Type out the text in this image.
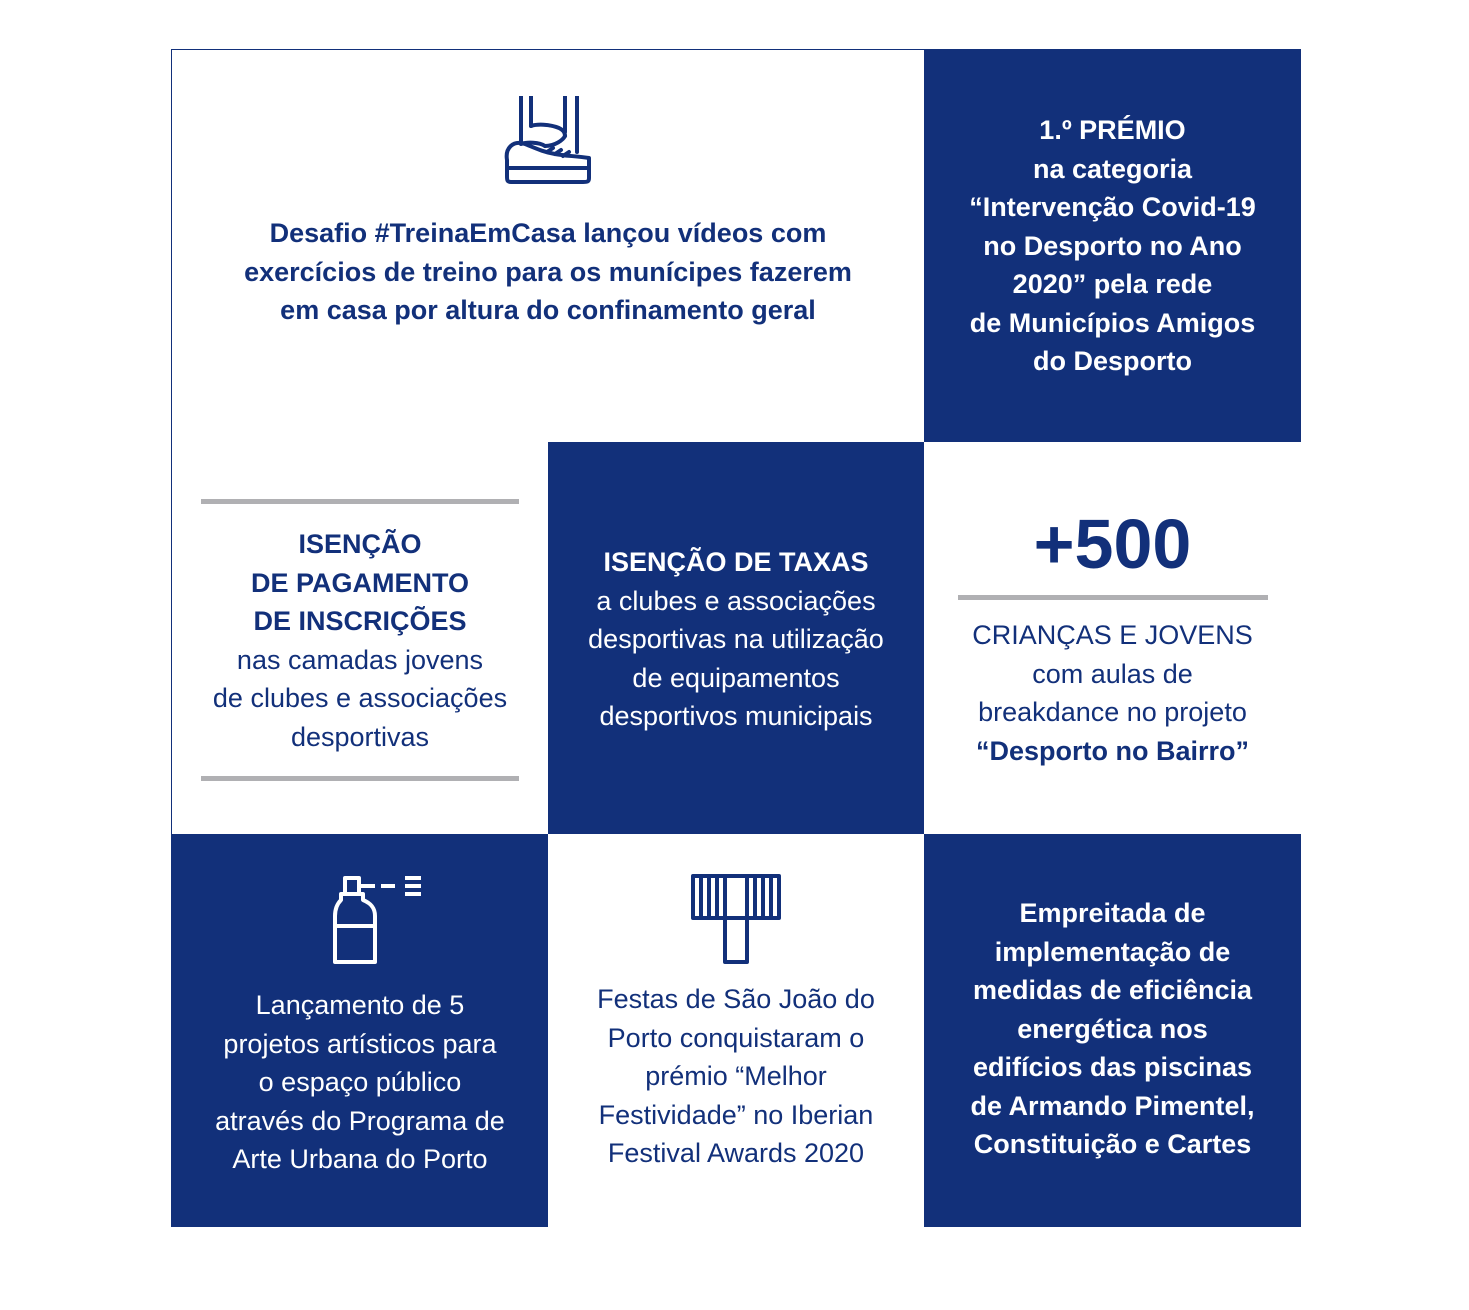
Desafio #TreinaEmCasa lançou vídeos com

exercícios de treino para os munícipes fazerem

em casa por altura do confinamento geral

1.º PRÉMIO

na categoria

“Intervenção Covid-19

no Desporto no Ano

2020” pela rede

de Municípios Amigos

do Desporto

ISENÇÃO

DE PAGAMENTO

DE INSCRIÇÕES

nas camadas jovens

de clubes e associações

desportivas

ISENÇÃO DE TAXAS

a clubes e associações

desportivas na utilização

de equipamentos

desportivos municipais

+500

CRIANÇAS E JOVENS

com aulas de

breakdance no projeto

“Desporto no Bairro”

Lançamento de 5

projetos artísticos para

o espaço público

através do Programa de

Arte Urbana do Porto

Festas de São João do

Porto conquistaram o

prémio “Melhor

Festividade” no Iberian

Festival Awards 2020

Empreitada de

implementação de

medidas de eficiência

energética nos

edifícios das piscinas

de Armando Pimentel,

Constituição e Cartes
